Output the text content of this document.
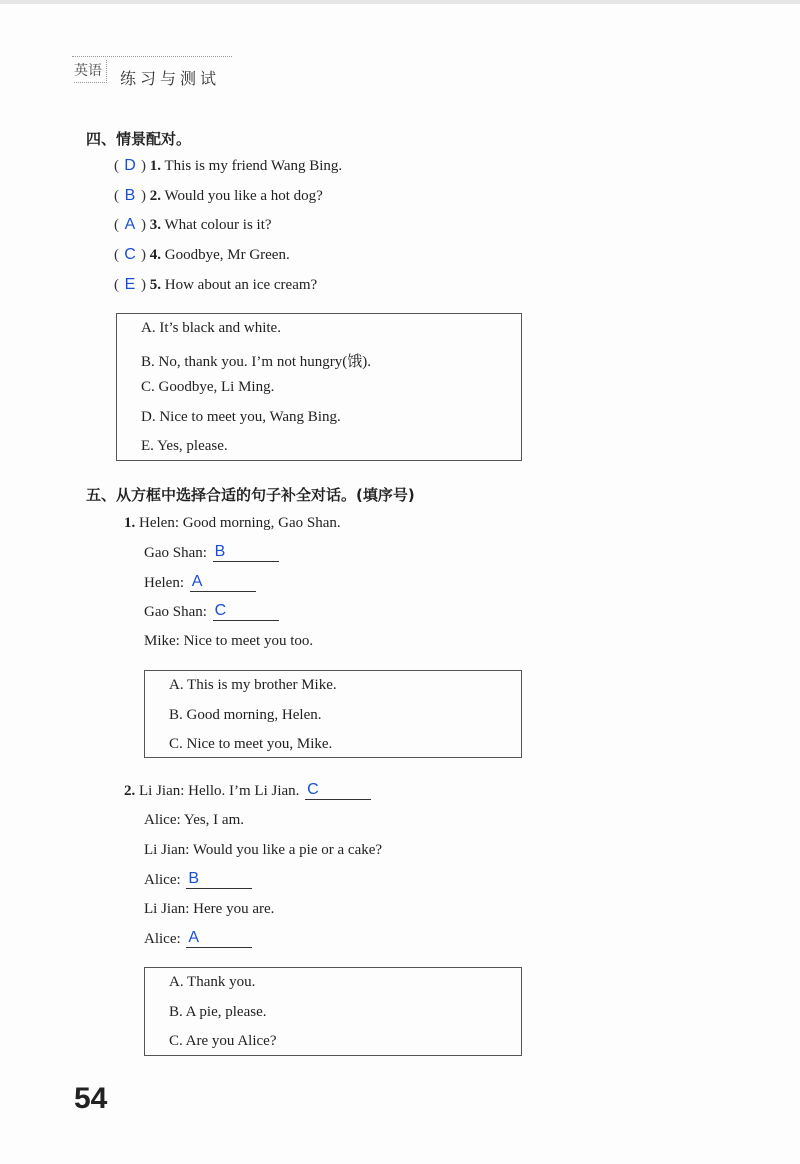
英语	练习与测试
四、情景配对。
( D ) 1. This is my friend Wang Bing.
( B ) 2. Would you like a hot dog?
( A ) 3. What colour is it?
( C ) 4. Goodbye, Mr Green.
( E ) 5. How about an ice cream?
A. It’s black and white.
B. No, thank you. I’m not hungry(饿).
C. Goodbye, Li Ming.
D. Nice to meet you, Wang Bing.
E. Yes, please.
五、从方框中选择合适的句子补全对话。(填序号)
1. Helen: Good morning, Gao Shan.
Gao Shan: B
Helen: A
Gao Shan: C
Mike: Nice to meet you too.
A. This is my brother Mike.
B. Good morning, Helen.
C. Nice to meet you, Mike.
2. Li Jian: Hello. I’m Li Jian. C
Alice: Yes, I am.
Li Jian: Would you like a pie or a cake?
Alice: B
Li Jian: Here you are.
Alice: A
A. Thank you.
B. A pie, please.
C. Are you Alice?
54
